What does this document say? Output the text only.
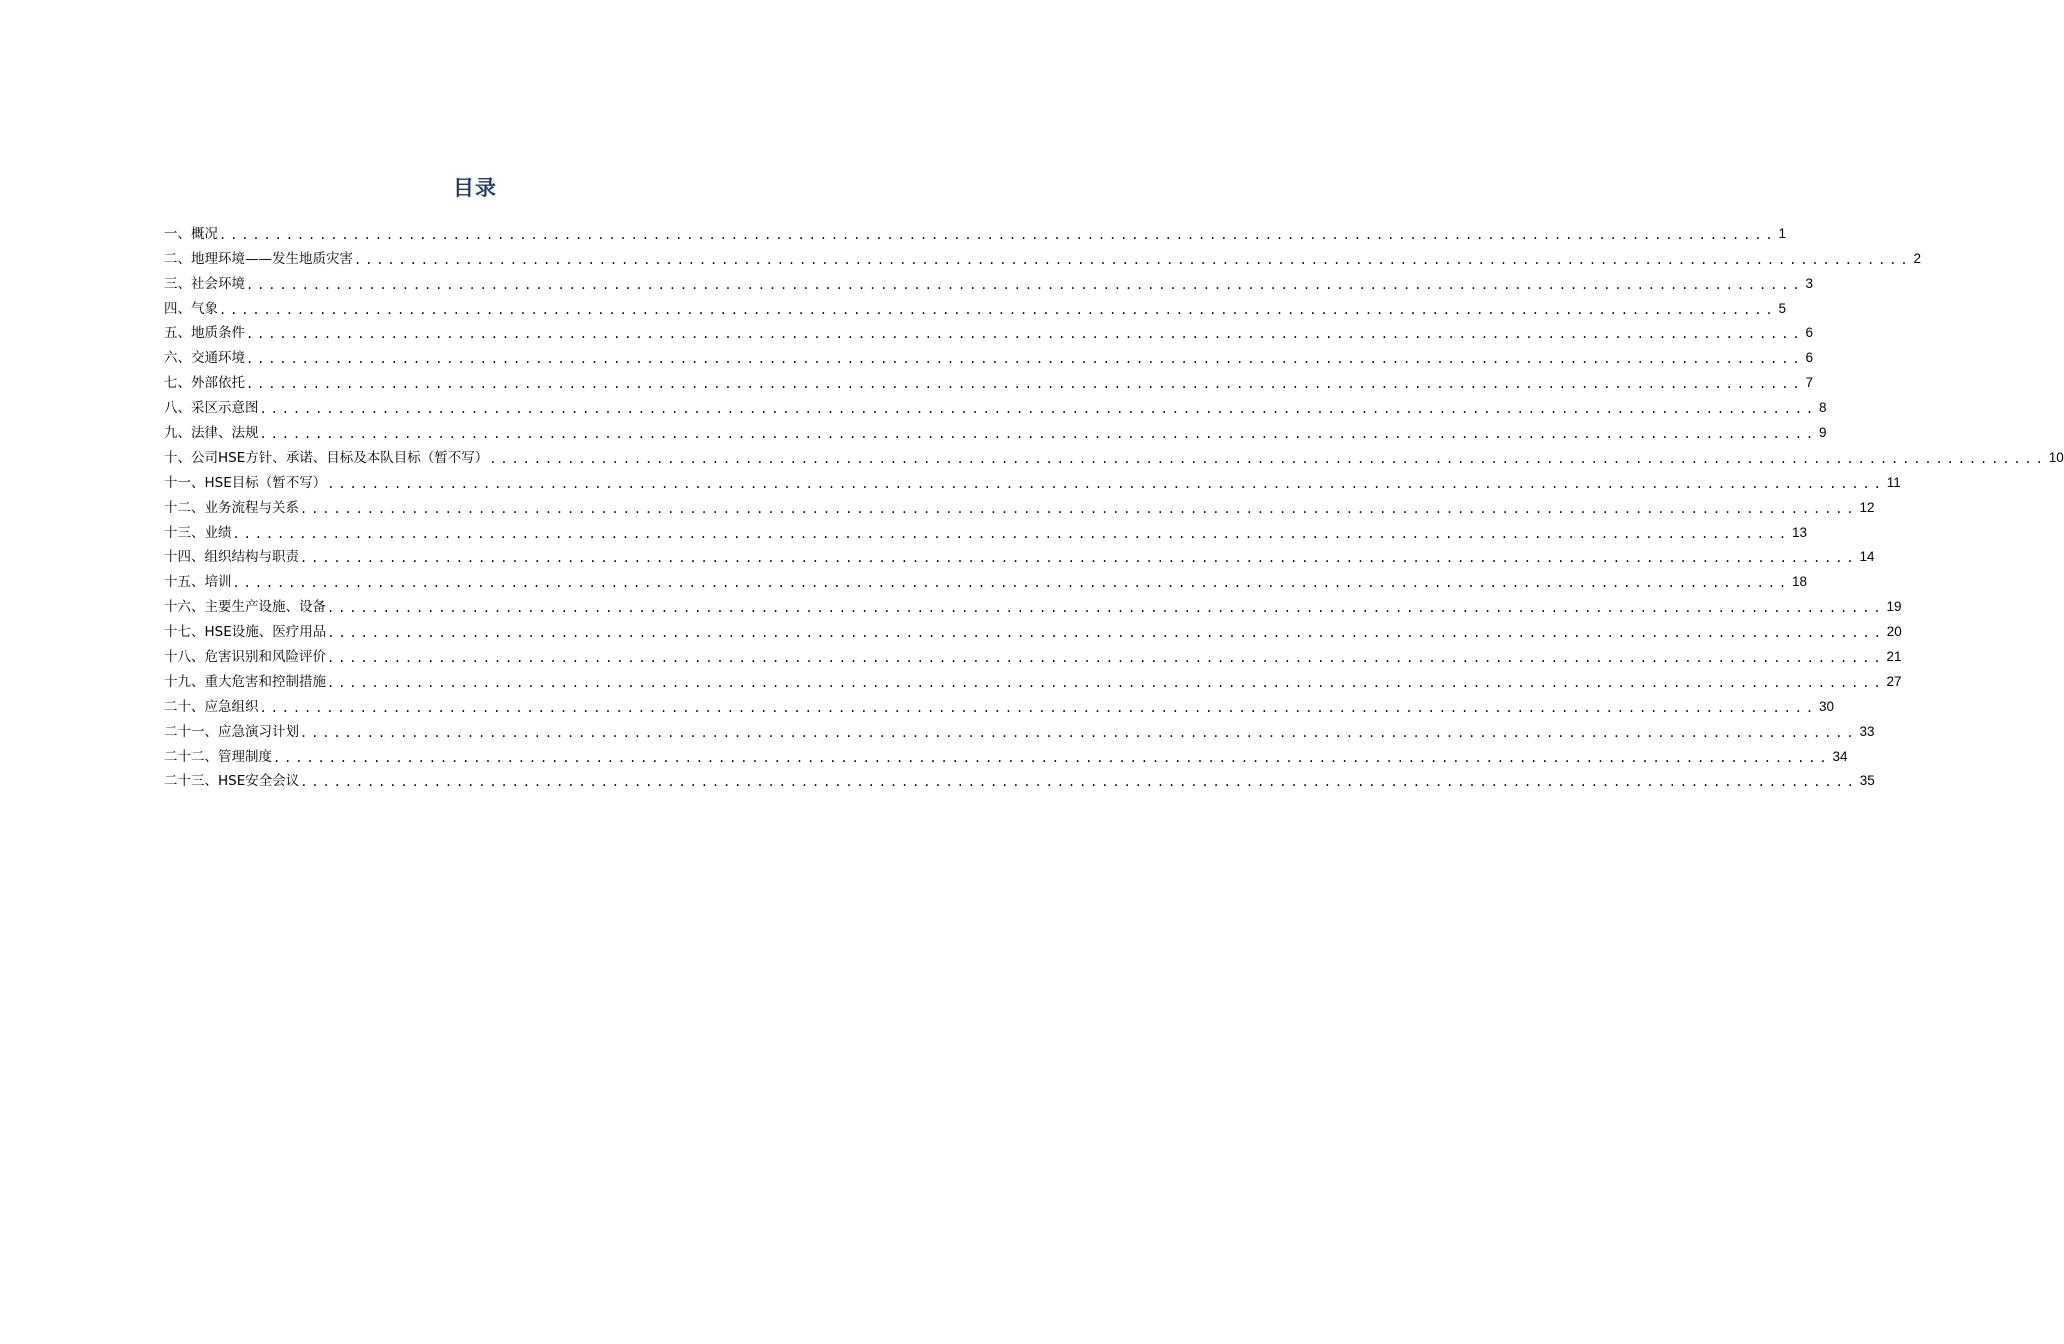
目录
一、概况 ............................................................................................................................................ 1
二、地理环境——发生地质灾害 ............................................................................................................................................ 2
三、社会环境 ............................................................................................................................................ 3
四、气象 ............................................................................................................................................ 5
五、地质条件 ............................................................................................................................................ 6
六、交通环境 ............................................................................................................................................ 6
七、外部依托 ............................................................................................................................................ 7
八、采区示意图 ............................................................................................................................................ 8
九、法律、法规 ............................................................................................................................................ 9
十、公司HSE方针、承诺、目标及本队目标（暂不写） ............................................................................................................................................ 10
十一、HSE目标（暂不写） ............................................................................................................................................ 11
十二、业务流程与关系 ............................................................................................................................................ 12
十三、业绩 ............................................................................................................................................ 13
十四、组织结构与职责 ............................................................................................................................................ 14
十五、培训 ............................................................................................................................................ 18
十六、主要生产设施、设备 ............................................................................................................................................ 19
十七、HSE设施、医疗用品 ............................................................................................................................................ 20
十八、危害识别和风险评价 ............................................................................................................................................ 21
十九、重大危害和控制措施 ............................................................................................................................................ 27
二十、应急组织 ............................................................................................................................................ 30
二十一、应急演习计划 ............................................................................................................................................ 33
二十二、管理制度 ............................................................................................................................................ 34
二十三、HSE安全会议 ............................................................................................................................................ 35
